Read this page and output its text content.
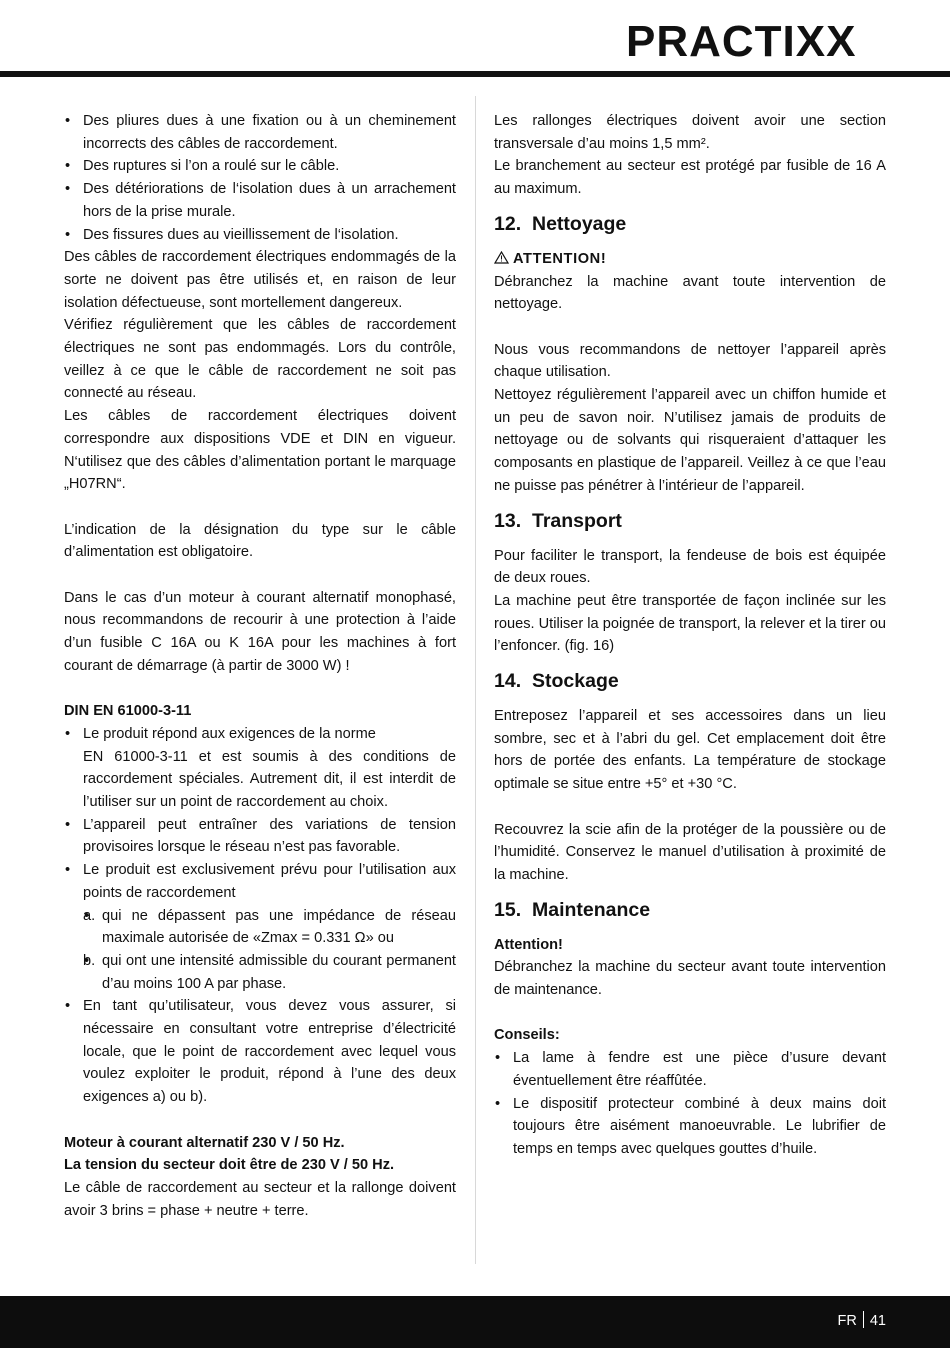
PRACTIXX
• Des pliures dues à une fixation ou à un cheminement incorrects des câbles de raccordement.
• Des ruptures si l’on a roulé sur le câble.
• Des détériorations de l‘isolation dues à un arrachement hors de la prise murale.
• Des fissures dues au vieillissement de l‘isolation.

Des câbles de raccordement électriques endommagés de la sorte ne doivent pas être utilisés et, en raison de leur isolation défectueuse, sont mortellement dangereux.

Vérifiez régulièrement que les câbles de raccordement électriques ne sont pas endommagés. Lors du contrôle, veillez à ce que le câble de raccordement ne soit pas connecté au réseau.

Les câbles de raccordement électriques doivent correspondre aux dispositions VDE et DIN en vigueur. N‘utilisez que des câbles d’alimentation portant le marquage „H07RN“.

L’indication de la désignation du type sur le câble d’alimentation est obligatoire.

Dans le cas d’un moteur à courant alternatif monophasé, nous recommandons de recourir à une protection à l’aide d’un fusible C 16A ou K 16A pour les machines à fort courant de démarrage (à partir de 3000 W) !

DIN EN 61000-3-11

• Le produit répond aux exigences de la norme
EN 61000-3-11 et est soumis à des conditions de raccordement spéciales. Autrement dit, il est interdit de l’utiliser sur un point de raccordement au choix.
• L’appareil peut entraîner des variations de tension provisoires lorsque le réseau n’est pas favorable.
• Le produit est exclusivement prévu pour l’utilisation aux points de raccordement
• a. qui ne dépassent pas une impédance de réseau maximale autorisée de «Zmax = 0.331 Ω» ou
• b. qui ont une intensité admissible du courant permanent d’au moins 100 A par phase.
• En tant qu’utilisateur, vous devez vous assurer, si nécessaire en consultant votre entreprise d’électricité locale, que le point de raccordement avec lequel vous voulez exploiter le produit, répond à l’une des deux exigences a) ou b).

Moteur à courant alternatif 230 V / 50 Hz.

La tension du secteur doit être de 230 V / 50 Hz.

Le câble de raccordement au secteur et la rallonge doivent avoir 3 brins = phase + neutre + terre.

Les rallonges électriques doivent avoir une section transversale d’au moins 1,5 mm².

Le branchement au secteur est protégé par fusible de 16 A au maximum.

12. Nettoyage
ATTENTION!

Débranchez la machine avant toute intervention de nettoyage.

Nous vous recommandons de nettoyer l’appareil après chaque utilisation.

Nettoyez régulièrement l’appareil avec un chiffon humide et un peu de savon noir. N’utilisez jamais de produits de nettoyage ou de solvants qui risqueraient d’attaquer les composants en plastique de l’appareil. Veillez à ce que l’eau ne puisse pas pénétrer à l’intérieur de l’appareil.

13. Transport

Pour faciliter le transport, la fendeuse de bois est équipée de deux roues.

La machine peut être transportée de façon inclinée sur les roues. Utiliser la poignée de transport, la relever et la tirer ou l’enfoncer. (fig. 16)

14. Stockage

Entreposez l’appareil et ses accessoires dans un lieu sombre, sec et à l’abri du gel. Cet emplacement doit être hors de portée des enfants. La température de stockage optimale se situe entre +5° et +30 °C.

Recouvrez la scie afin de la protéger de la poussière ou de l’humidité. Conservez le manuel d’utilisation à proximité de la machine.

15. Maintenance

Attention!

Débranchez la machine du secteur avant toute intervention de maintenance.

Conseils:

• La lame à fendre est une pièce d’usure devant éventuellement être réaffûtée.
• Le dispositif protecteur combiné à deux mains doit toujours être aisément manoeuvrable. Le lubrifier de temps en temps avec quelques gouttes d’huile.
FR 41
